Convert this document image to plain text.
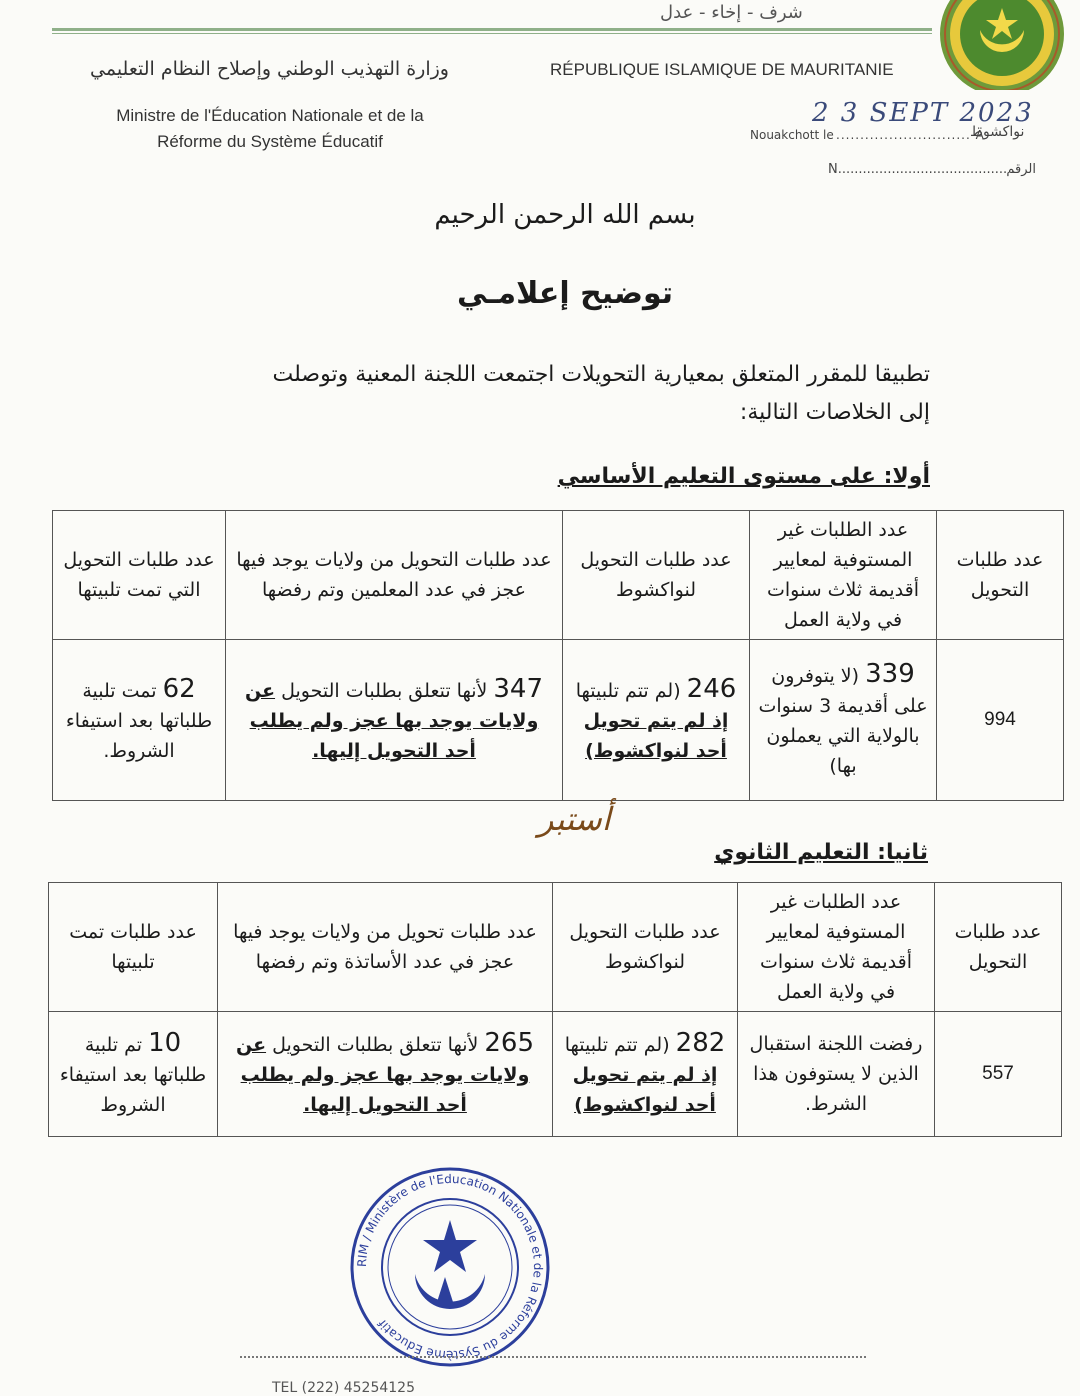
شرف - إخاء - عدل
وزارة التهذيب الوطني وإصلاح النظام التعليمي
Ministre de l'Éducation Nationale et de la
Réforme du Système Éducatif
RÉPUBLIQUE ISLAMIQUE DE MAURITANIE
2 3 SEPT 2023
Nouakchott le ............................ Ä
نواكشوط
N......................................... الرقم
بسم الله الرحمن الرحيم
توضيح إعلامـي
تطبيقا للمقرر المتعلق بمعيارية التحويلات اجتمعت اللجنة المعنية وتوصلت
إلى الخلاصات التالية:
أولا: على مستوى التعليم الأساسي
عدد طلبات التحويل	عدد الطلبات غير المستوفية لمعايير أقديمة ثلاث سنوات في ولاية العمل	عدد طلبات التحويل لنواكشوط	عدد طلبات التحويل من ولايات يوجد فيها عجز في عدد المعلمين وتم رفضها	عدد طلبات التحويل التي تمت تلبيتها
994	339 (لا يتوفرون على أقديمة 3 سنوات بالولاية التي يعملون بها)	246 (لم تتم تلبيتها إذ لم يتم تحويل أحد لنواكشوط)	347 لأنها تتعلق بطلبات التحويل عن ولايات يوجد بها عجز ولم يطلب أحد التحويل إليها.	62 تمت تلبية طلباتها بعد استيفاء الشروط.
أستبر
ثانيا: التعليم الثانوي
عدد طلبات التحويل	عدد الطلبات غير المستوفية لمعايير أقديمة ثلاث سنوات في ولاية العمل	عدد طلبات التحويل لنواكشوط	عدد طلبات تحويل من ولايات يوجد فيها عجز في عدد الأساتذة وتم رفضها	عدد طلبات تمت تلبيتها
557	رفضت اللجنة استقبال الذين لا يستوفون هذا الشرط.	282 (لم تتم تلبيتها إذ لم يتم تحويل أحد لنواكشوط)	265 لأنها تتعلق بطلبات التحويل عن ولايات يوجد بها عجز ولم يطلب أحد التحويل إليها.	10 تم تلبية طلباتها بعد استيفاء الشروط
RIM / Ministère de l'Education Nationale et de la Réforme du Système Educatif
TEL (222) 45254125
